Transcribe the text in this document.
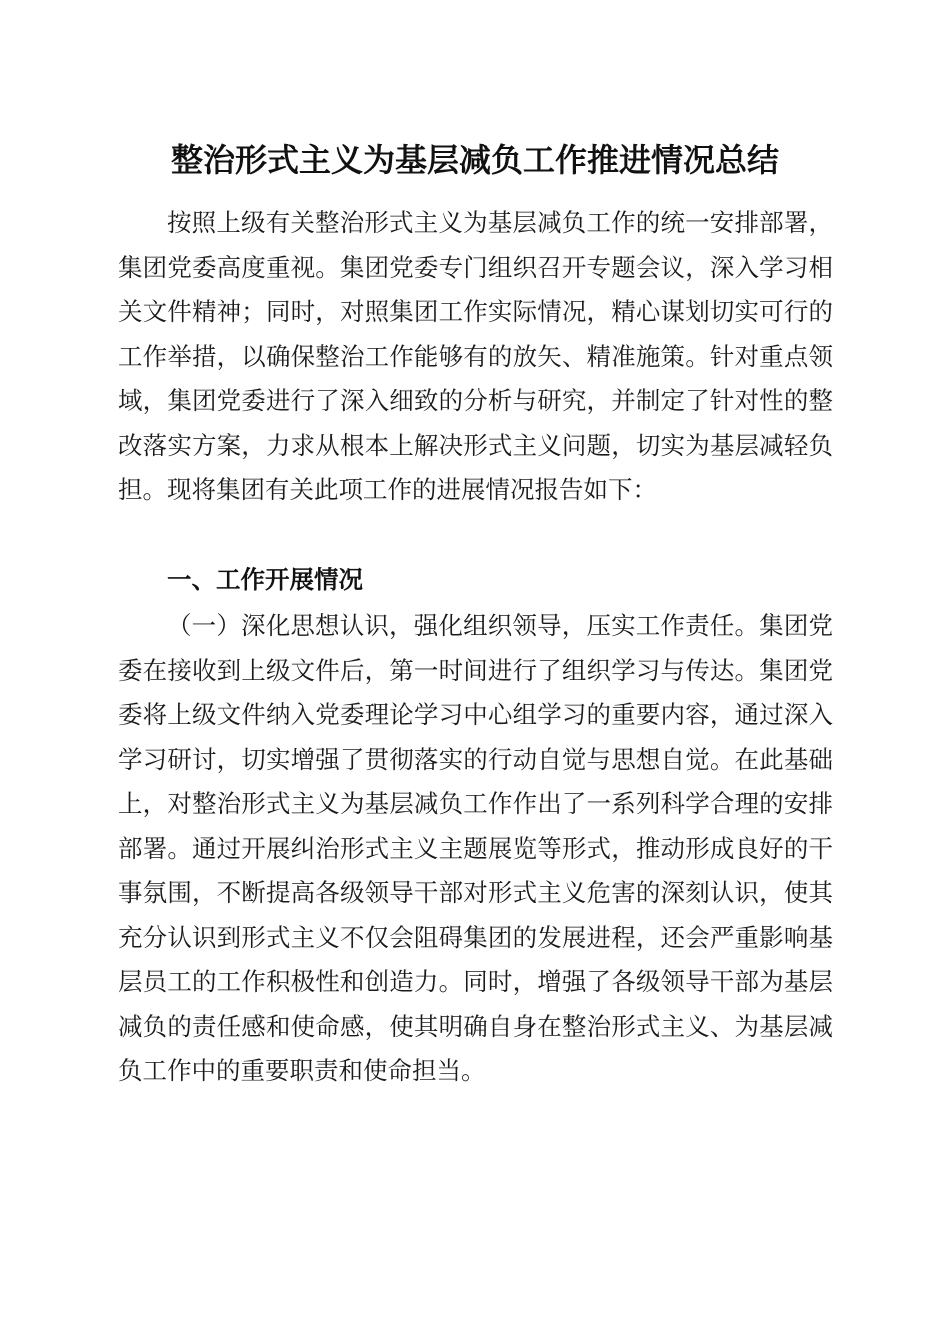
整治形式主义为基层减负工作推进情况总结

按照上级有关整治形式主义为基层减负工作的统一安排部署，集团党委高度重视。集团党委专门组织召开专题会议，深入学习相关文件精神；同时，对照集团工作实际情况，精心谋划切实可行的工作举措，以确保整治工作能够有的放矢、精准施策。针对重点领域，集团党委进行了深入细致的分析与研究，并制定了针对性的整改落实方案，力求从根本上解决形式主义问题，切实为基层减轻负担。现将集团有关此项工作的进展情况报告如下：

一、工作开展情况

（一）深化思想认识，强化组织领导，压实工作责任。集团党委在接收到上级文件后，第一时间进行了组织学习与传达。集团党委将上级文件纳入党委理论学习中心组学习的重要内容，通过深入学习研讨，切实增强了贯彻落实的行动自觉与思想自觉。在此基础上，对整治形式主义为基层减负工作作出了一系列科学合理的安排部署。通过开展纠治形式主义主题展览等形式，推动形成良好的干事氛围，不断提高各级领导干部对形式主义危害的深刻认识，使其充分认识到形式主义不仅会阻碍集团的发展进程，还会严重影响基层员工的工作积极性和创造力。同时，增强了各级领导干部为基层减负的责任感和使命感，使其明确自身在整治形式主义、为基层减负工作中的重要职责和使命担当。
